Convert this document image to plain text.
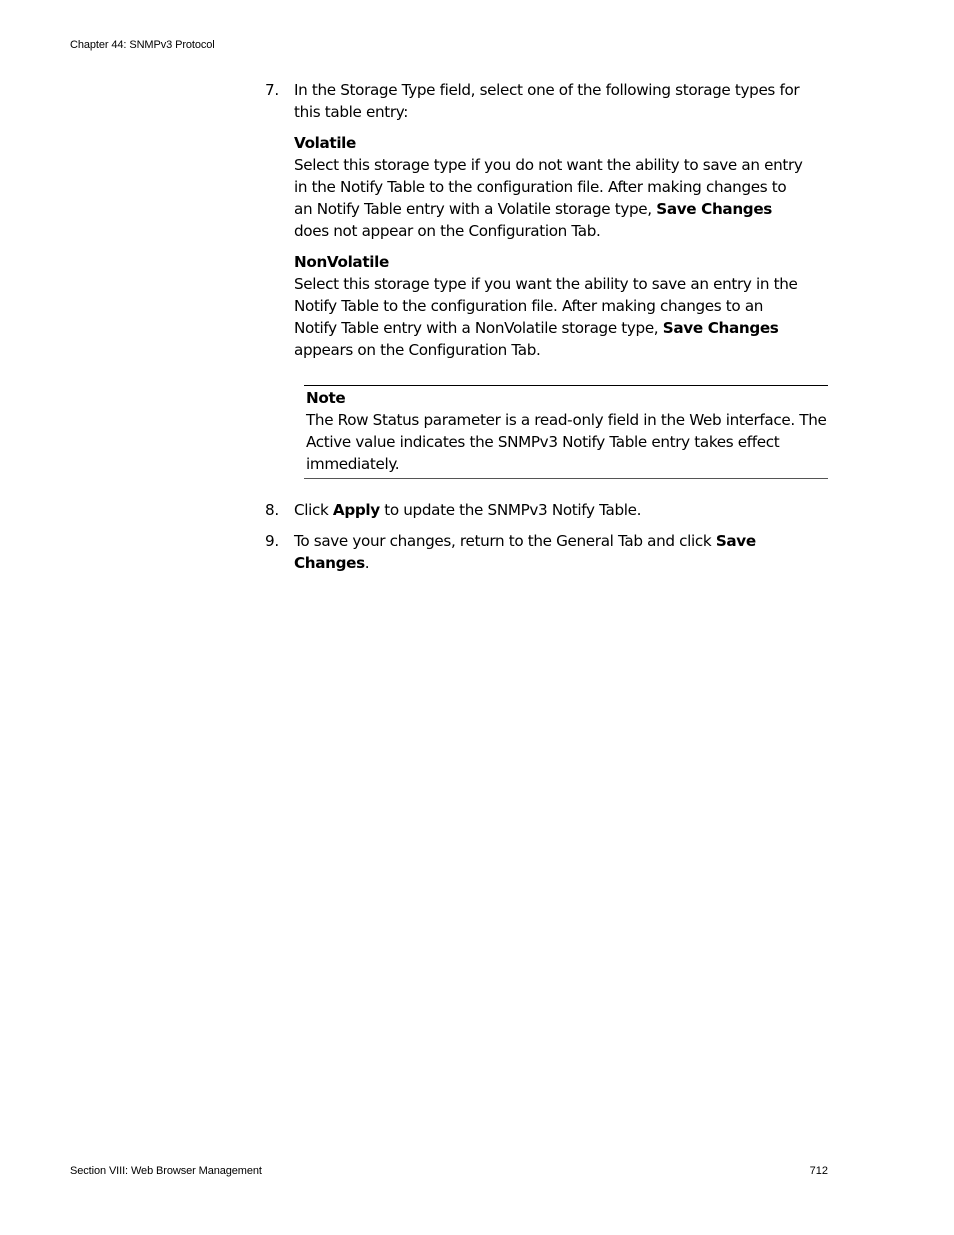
Chapter 44: SNMPv3 Protocol
7. In the Storage Type field, select one of the following storage types for this table entry:
Volatile
Select this storage type if you do not want the ability to save an entry in the Notify Table to the configuration file. After making changes to an Notify Table entry with a Volatile storage type, Save Changes does not appear on the Configuration Tab.
NonVolatile
Select this storage type if you want the ability to save an entry in the Notify Table to the configuration file. After making changes to an Notify Table entry with a NonVolatile storage type, Save Changes appears on the Configuration Tab.
Note
The Row Status parameter is a read-only field in the Web interface. The Active value indicates the SNMPv3 Notify Table entry takes effect immediately.
8. Click Apply to update the SNMPv3 Notify Table.
9. To save your changes, return to the General Tab and click Save Changes.
Section VIII: Web Browser Management	712
